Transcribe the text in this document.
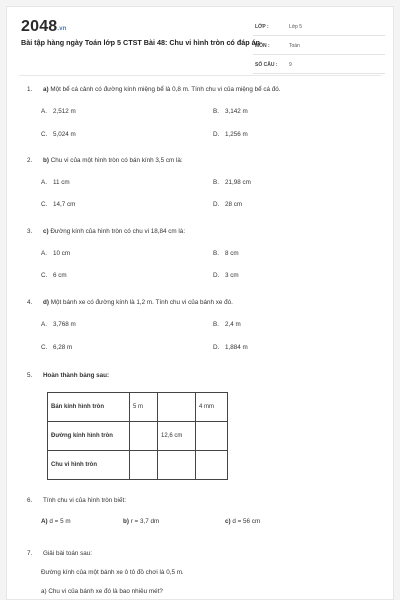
2048.vn
Bài tập hàng ngày Toán lớp 5 CTST Bài 48: Chu vi hình tròn có đáp án
LỚP :	Lớp 5
MÔN :	Toán
SỐ CÂU : 9
1. a) Một bể cá cảnh có đường kính miệng bể là 0,8 m. Tính chu vi của miệng bể cá đó.
A. 2,512 m	B. 3,142 m
C. 5,024 m	D. 1,256 m
2. b) Chu vi của một hình tròn có bán kính 3,5 cm là:
A. 11 cm	B. 21,98 cm
C. 14,7 cm	D. 28 cm
3. c) Đường kính của hình tròn có chu vi 18,84 cm là:
A. 10 cm	B. 8 cm
C. 6 cm	D. 3 cm
4. d) Một bánh xe có đường kính là 1,2 m. Tính chu vi của bánh xe đó.
A. 3,768 m	B. 2,4 m
C. 6,28 m	D. 1,884 m
5. Hoàn thành bảng sau:
Bán kính hình tròn	5 m		4 mm
Đường kính hình tròn		12,6 cm	
Chu vi hình tròn			
6. Tính chu vi của hình tròn biết:
A) d = 5 m	b) r = 3,7 dm	c) d = 56 cm
7. Giải bài toán sau:
Đường kính của một bánh xe ô tô đồ chơi là 0,5 m.
a) Chu vi của bánh xe đó là bao nhiêu mét?
